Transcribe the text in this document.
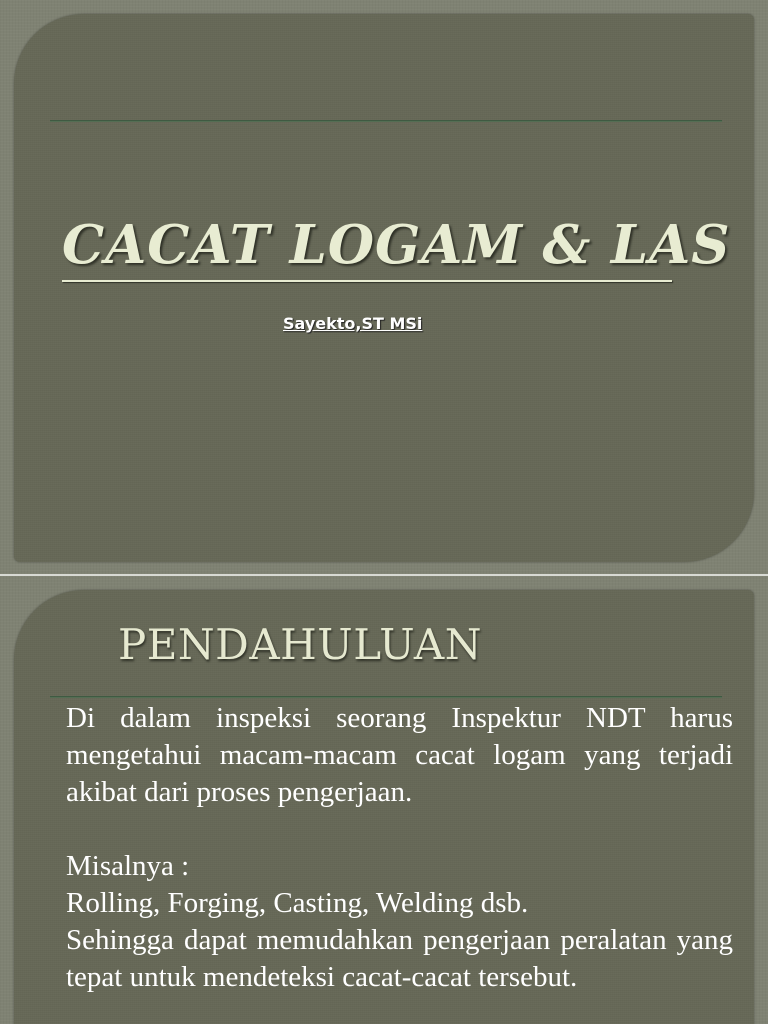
CACAT LOGAM & LAS
Sayekto,ST MSi
PENDAHULUAN

Di dalam inspeksi seorang Inspektur NDT harus mengetahui macam-macam cacat logam yang terjadi akibat dari proses pengerjaan.

Misalnya :

Rolling, Forging, Casting, Welding dsb.

Sehingga dapat memudahkan pengerjaan peralatan yang tepat untuk mendeteksi cacat-cacat tersebut.
